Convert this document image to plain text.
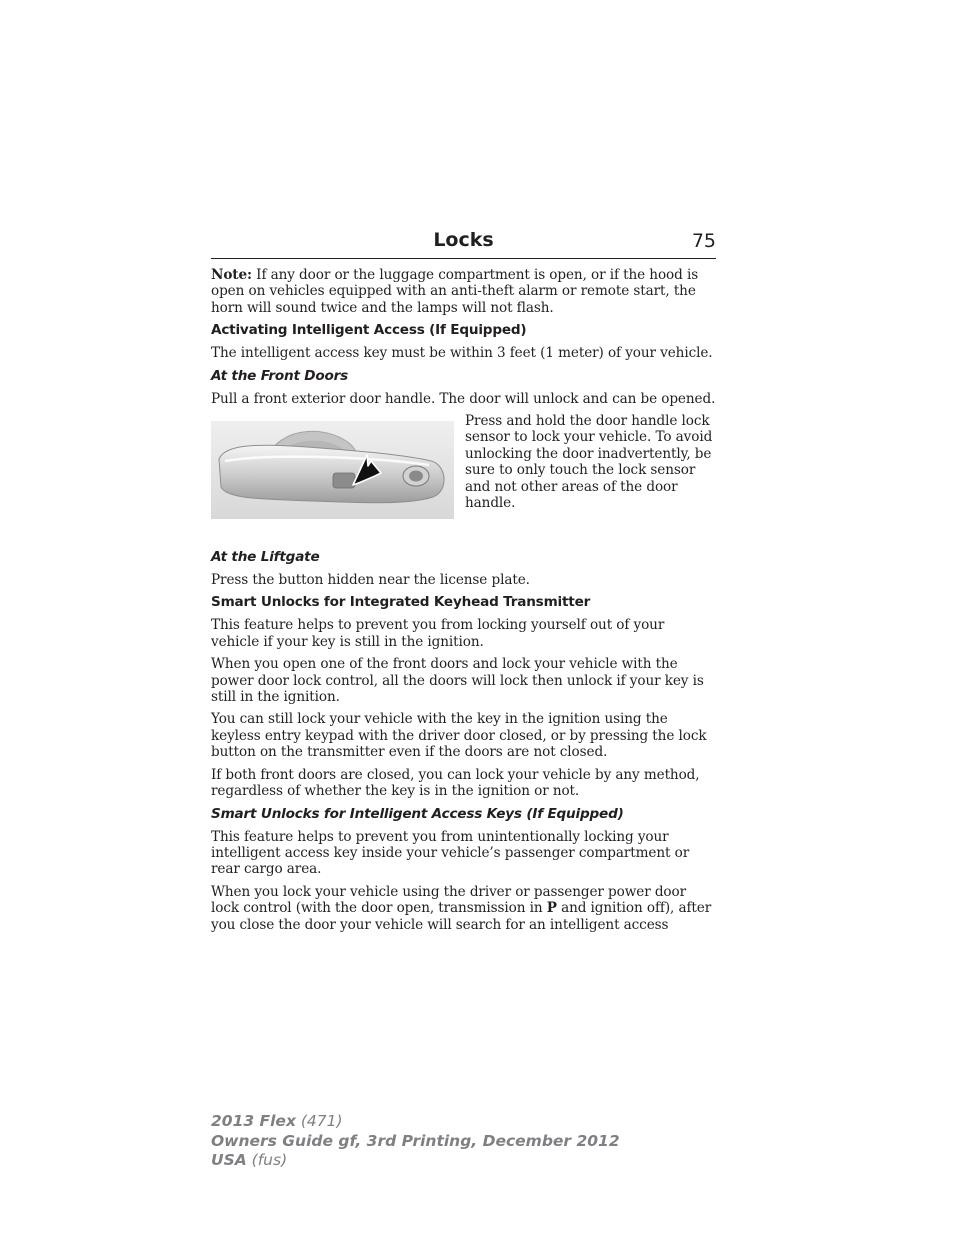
Locks	75

Note: If any door or the luggage compartment is open, or if the hood is open on vehicles equipped with an anti-theft alarm or remote start, the horn will sound twice and the lamps will not flash.

Activating Intelligent Access (If Equipped)

The intelligent access key must be within 3 feet (1 meter) of your vehicle.

At the Front Doors

Pull a front exterior door handle. The door will unlock and can be opened.

Press and hold the door handle lock sensor to lock your vehicle. To avoid unlocking the door inadvertently, be sure to only touch the lock sensor and not other areas of the door handle.
At the Liftgate

Press the button hidden near the license plate.

Smart Unlocks for Integrated Keyhead Transmitter

This feature helps to prevent you from locking yourself out of your vehicle if your key is still in the ignition.

When you open one of the front doors and lock your vehicle with the power door lock control, all the doors will lock then unlock if your key is still in the ignition.

You can still lock your vehicle with the key in the ignition using the keyless entry keypad with the driver door closed, or by pressing the lock button on the transmitter even if the doors are not closed.

If both front doors are closed, you can lock your vehicle by any method, regardless of whether the key is in the ignition or not.

Smart Unlocks for Intelligent Access Keys (If Equipped)

This feature helps to prevent you from unintentionally locking your intelligent access key inside your vehicle’s passenger compartment or rear cargo area.

When you lock your vehicle using the driver or passenger power door lock control (with the door open, transmission in P and ignition off), after you close the door your vehicle will search for an intelligent access

2013 Flex (471)
Owners Guide gf, 3rd Printing, December 2012
USA (fus)
